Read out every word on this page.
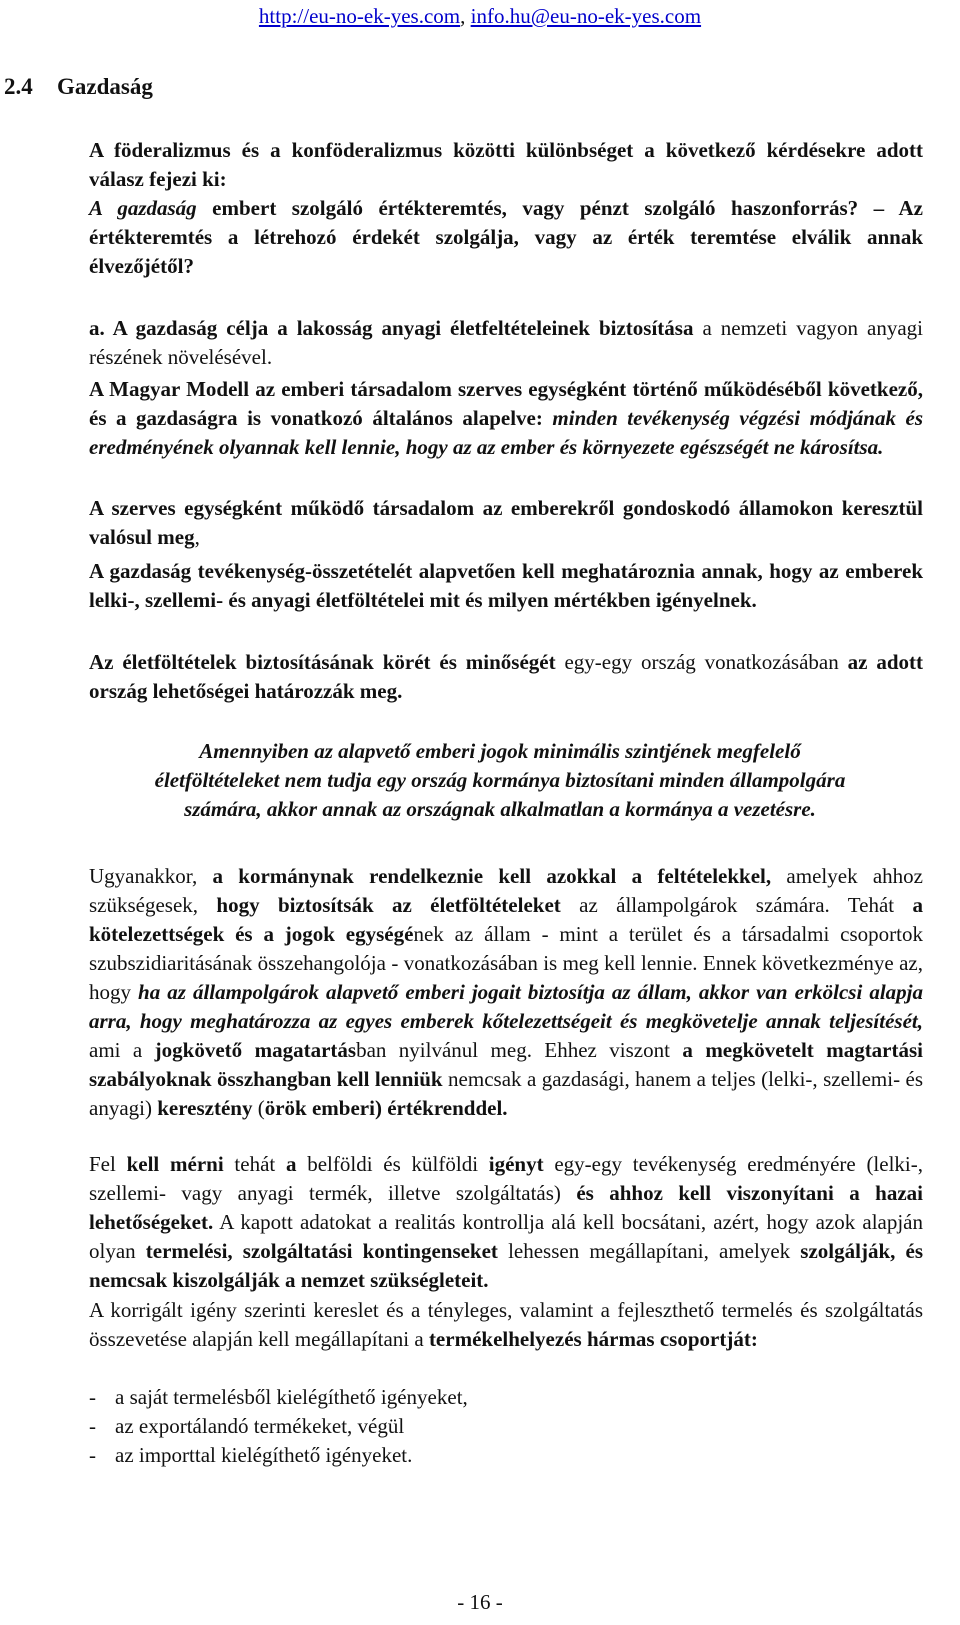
http://eu-no-ek-yes.com, info.hu@eu-no-ek-yes.com
2.4 Gazdaság

A föderalizmus és a konföderalizmus közötti különbséget a következő kérdésekre adott válasz fejezi ki:

A gazdaság embert szolgáló értékteremtés, vagy pénzt szolgáló haszonforrás? – Az értékteremtés a létrehozó érdekét szolgálja, vagy az érték teremtése elválik annak élvezőjétől?

a. A gazdaság célja a lakosság anyagi életfeltételeinek biztosítása a nemzeti vagyon anyagi részének növelésével.

A Magyar Modell az emberi társadalom szerves egységként történő működéséből következő, és a gazdaságra is vonatkozó általános alapelve: minden tevékenység végzési módjának és eredményének olyannak kell lennie, hogy az az ember és környezete egészségét ne károsítsa.

A szerves egységként működő társadalom az emberekről gondoskodó államokon keresztül valósul meg,

A gazdaság tevékenység-összetételét alapvetően kell meghatároznia annak, hogy az emberek lelki-, szellemi- és anyagi életföltételei mit és milyen mértékben igényelnek.

Az életföltételek biztosításának körét és minőségét egy-egy ország vonatkozásában az adott ország lehetőségei határozzák meg.

Amennyiben az alapvető emberi jogok minimális szintjének megfelelő

életföltételeket nem tudja egy ország kormánya biztosítani minden állampolgára

számára, akkor annak az országnak alkalmatlan a kormánya a vezetésre.

Ugyanakkor, a kormánynak rendelkeznie kell azokkal a feltételekkel, amelyek ahhoz szükségesek, hogy biztosítsák az életföltételeket az állampolgárok számára. Tehát a kötelezettségek és a jogok egységének az állam - mint a terület és a társadalmi csoportok szubszidiaritásának összehangolója - vonatkozásában is meg kell lennie. Ennek következménye az, hogy ha az állampolgárok alapvető emberi jogait biztosítja az állam, akkor van erkölcsi alapja arra, hogy meghatározza az egyes emberek kőtelezettségeit és megkövetelje annak teljesítését, ami a jogkövető magatartásban nyilvánul meg. Ehhez viszont a megkövetelt magtartási szabályoknak összhangban kell lenniük nemcsak a gazdasági, hanem a teljes (lelki-, szellemi- és anyagi) keresztény (örök emberi) értékrenddel.

Fel kell mérni tehát a belföldi és külföldi igényt egy-egy tevékenység eredményére (lelki-, szellemi- vagy anyagi termék, illetve szolgáltatás) és ahhoz kell viszonyítani a hazai lehetőségeket. A kapott adatokat a realitás kontrollja alá kell bocsátani, azért, hogy azok alapján olyan termelési, szolgáltatási kontingenseket lehessen megállapítani, amelyek szolgálják, és nemcsak kiszolgálják a nemzet szükségleteit.

A korrigált igény szerinti kereslet és a tényleges, valamint a fejleszthető termelés és szolgáltatás összevetése alapján kell megállapítani a termékelhelyezés hármas csoportját:

- a saját termelésből kielégíthető igényeket,
- az exportálandó termékeket, végül
- az importtal kielégíthető igényeket.
- 16 -
